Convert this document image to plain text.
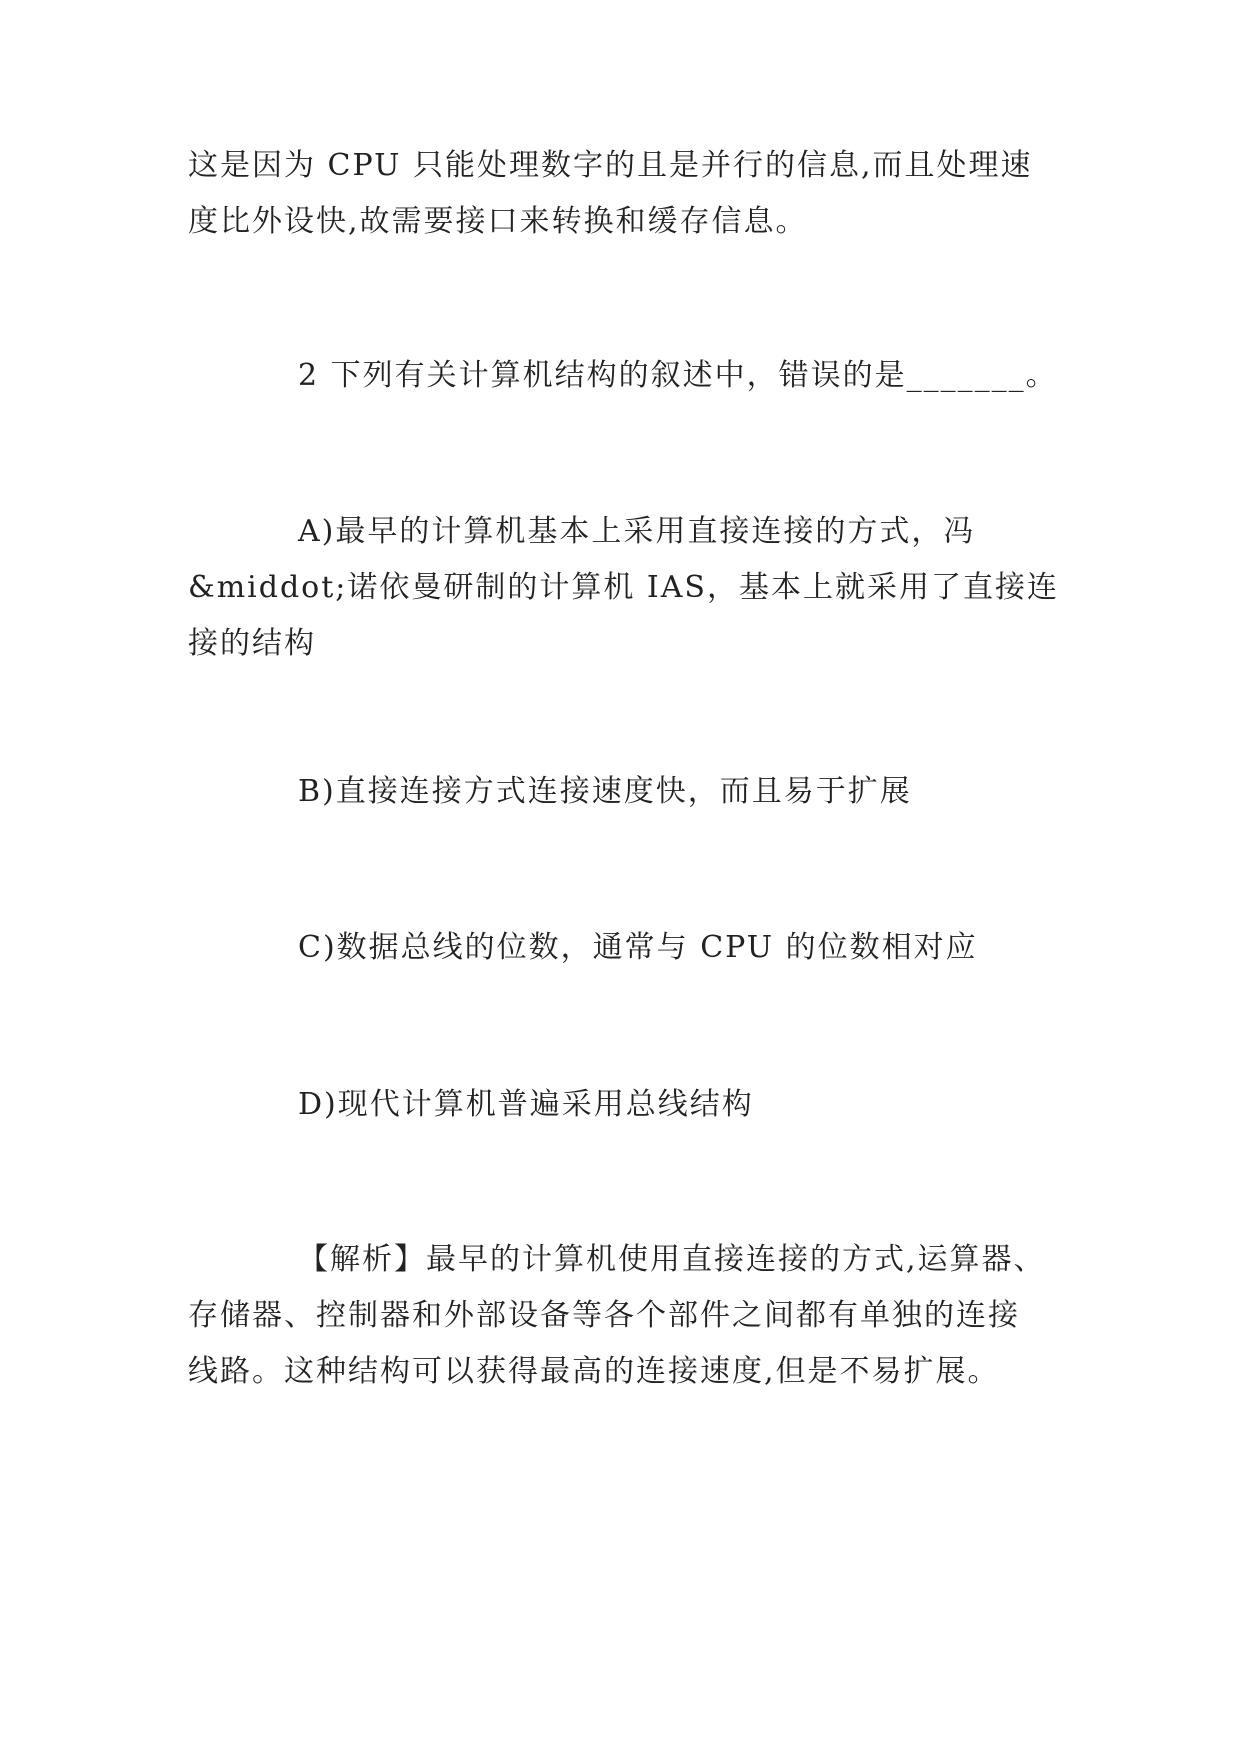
这是因为 CPU 只能处理数字的且是并行的信息,而且处理速
度比外设快,故需要接口来转换和缓存信息。

2 下列有关计算机结构的叙述中，错误的是_______。

A)最早的计算机基本上采用直接连接的方式，冯
&middot;诺依曼研制的计算机 IAS，基本上就采用了直接连
接的结构

B)直接连接方式连接速度快，而且易于扩展

C)数据总线的位数，通常与 CPU 的位数相对应

D)现代计算机普遍采用总线结构

【解析】最早的计算机使用直接连接的方式,运算器、
存储器、控制器和外部设备等各个部件之间都有单独的连接
线路。这种结构可以获得最高的连接速度,但是不易扩展。
